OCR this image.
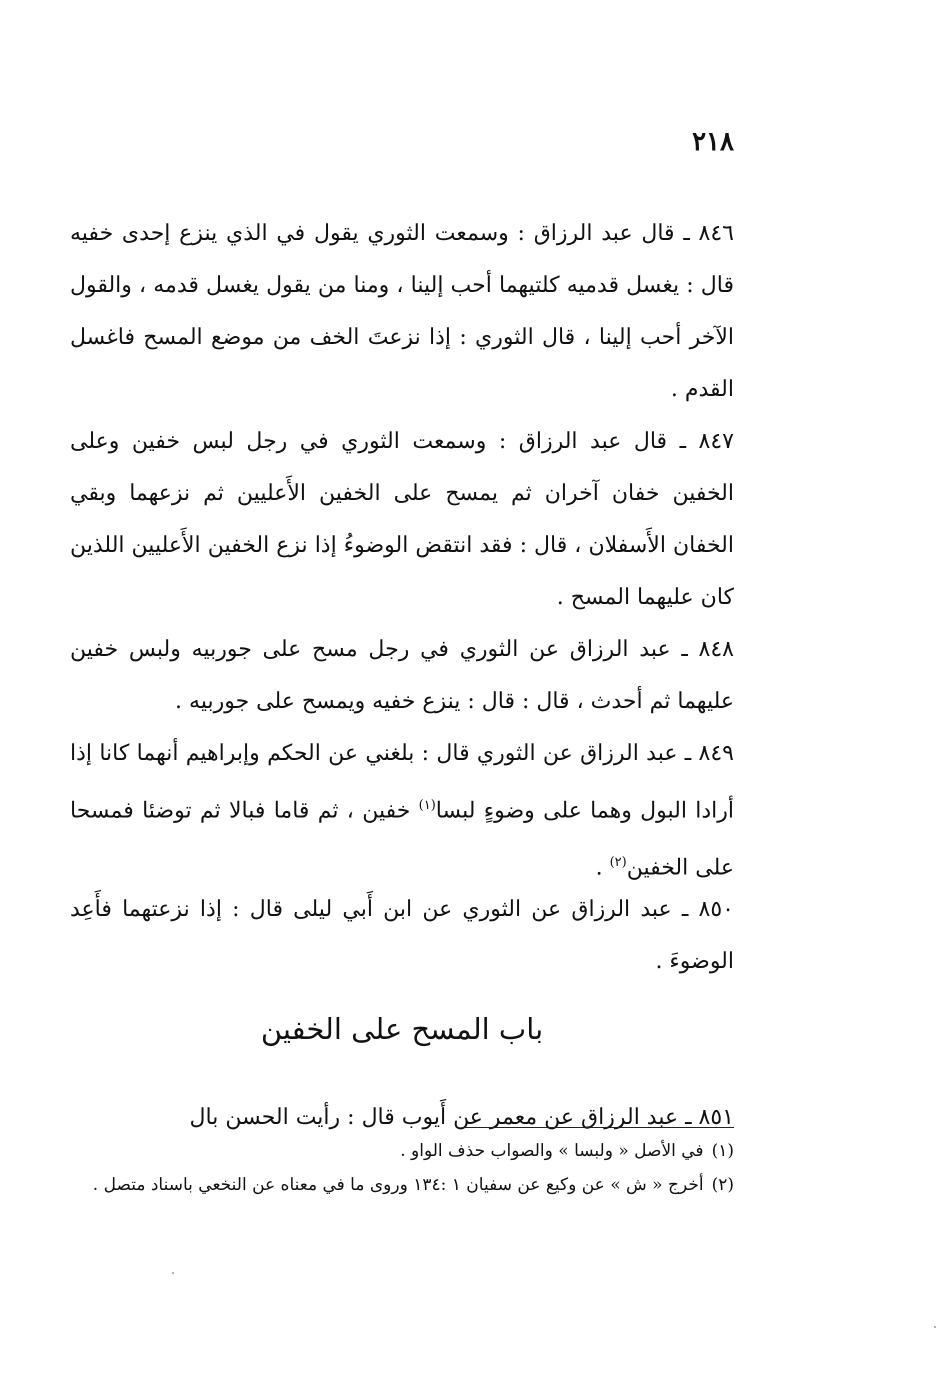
٢١٨

٨٤٦ ـ قال عبد الرزاق : وسمعت الثوري يقول في الذي ينزع إحدى خفيه قال : يغسل قدميه كلتيهما أحب إلينا ، ومنا من يقول يغسل قدمه ، والقول الآخر أحب إلينا ، قال الثوري : إذا نزعتَ الخف من موضع المسح فاغسل القدم .

٨٤٧ ـ قال عبد الرزاق : وسمعت الثوري في رجل لبس خفين وعلى الخفين خفان آخران ثم يمسح على الخفين الأَعليين ثم نزعهما وبقي الخفان الأَسفلان ، قال : فقد انتقض الوضوءُ إذا نزع الخفين الأَعليين اللذين كان عليهما المسح .

٨٤٨ ـ عبد الرزاق عن الثوري في رجل مسح على جوربيه ولبس خفين عليهما ثم أحدث ، قال : قال : ينزع خفيه ويمسح على جوربيه .

٨٤٩ ـ عبد الرزاق عن الثوري قال : بلغني عن الحكم وإبراهيم أنهما كانا إذا أرادا البول وهما على وضوءٍ لبسا$^{(١)}$ خفين ، ثم قاما فبالا ثم توضئا فمسحا على الخفين$^{(٢)}$ .

٨٥٠ ـ عبد الرزاق عن الثوري عن ابن أَبي ليلى قال : إذا نزعتهما فأَعِد الوضوءَ .

باب المسح على الخفين

٨٥١ ـ عبد الرزاق عن معمر عن أَيوب قال : رأيت الحسن بال

(١)في الأصل « ولبسا » والصواب حذف الواو .

(٢)أخرج « ش » عن وكيع عن سفيان ١ :١٣٤ وروى ما في معناه عن النخعي باسناد متصل .
